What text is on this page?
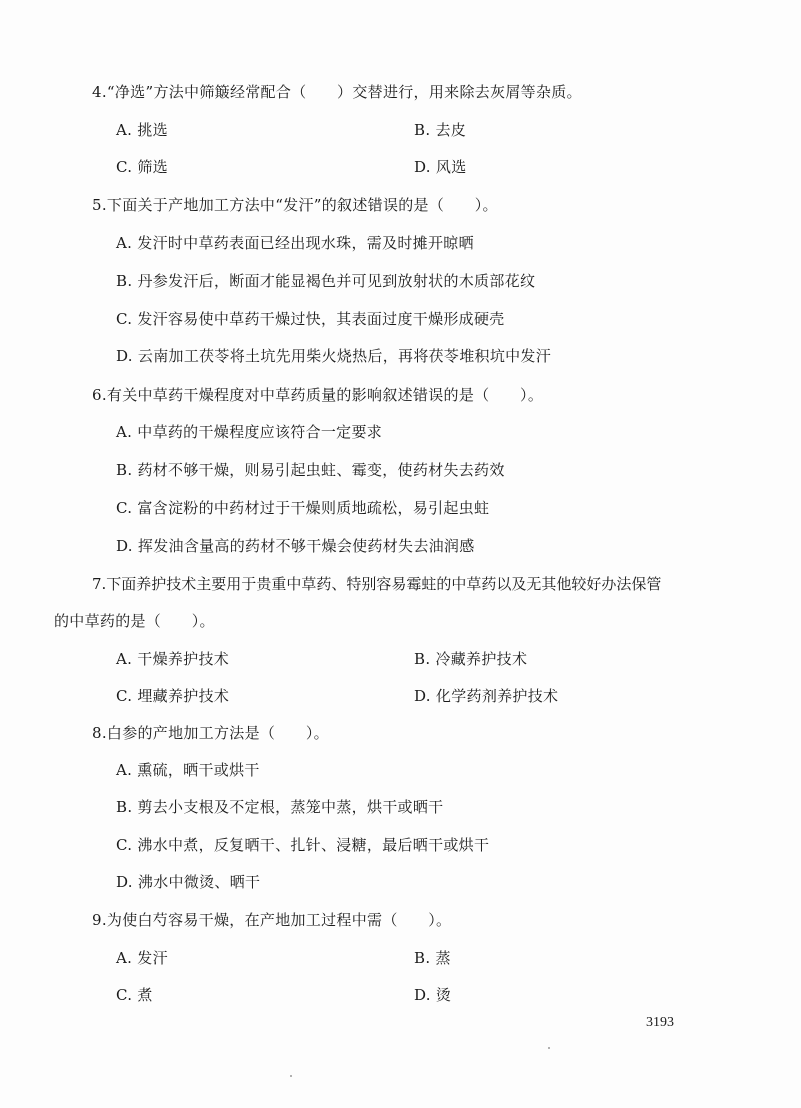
4.“净选”方法中筛簸经常配合（　　）交替进行，用来除去灰屑等杂质。
A. 挑选	B. 去皮
C. 筛选	D. 风选
5.下面关于产地加工方法中“发汗”的叙述错误的是（　　）。
A. 发汗时中草药表面已经出现水珠，需及时摊开晾晒
B. 丹参发汗后，断面才能显褐色并可见到放射状的木质部花纹
C. 发汗容易使中草药干燥过快，其表面过度干燥形成硬壳
D. 云南加工茯苓将土坑先用柴火烧热后，再将茯苓堆积坑中发汗
6.有关中草药干燥程度对中草药质量的影响叙述错误的是（　　）。
A. 中草药的干燥程度应该符合一定要求
B. 药材不够干燥，则易引起虫蛀、霉变，使药材失去药效
C. 富含淀粉的中药材过于干燥则质地疏松，易引起虫蛀
D. 挥发油含量高的药材不够干燥会使药材失去油润感
7.下面养护技术主要用于贵重中草药、特别容易霉蛀的中草药以及无其他较好办法保管
的中草药的是（　　）。
A. 干燥养护技术	B. 冷藏养护技术
C. 埋藏养护技术	D. 化学药剂养护技术
8.白参的产地加工方法是（　　）。
A. 熏硫，晒干或烘干
B. 剪去小支根及不定根，蒸笼中蒸，烘干或晒干
C. 沸水中煮，反复晒干、扎针、浸糖，最后晒干或烘干
D. 沸水中微烫、晒干
9.为使白芍容易干燥，在产地加工过程中需（　　）。
A. 发汗	B. 蒸
C. 煮	D. 烫
3193
